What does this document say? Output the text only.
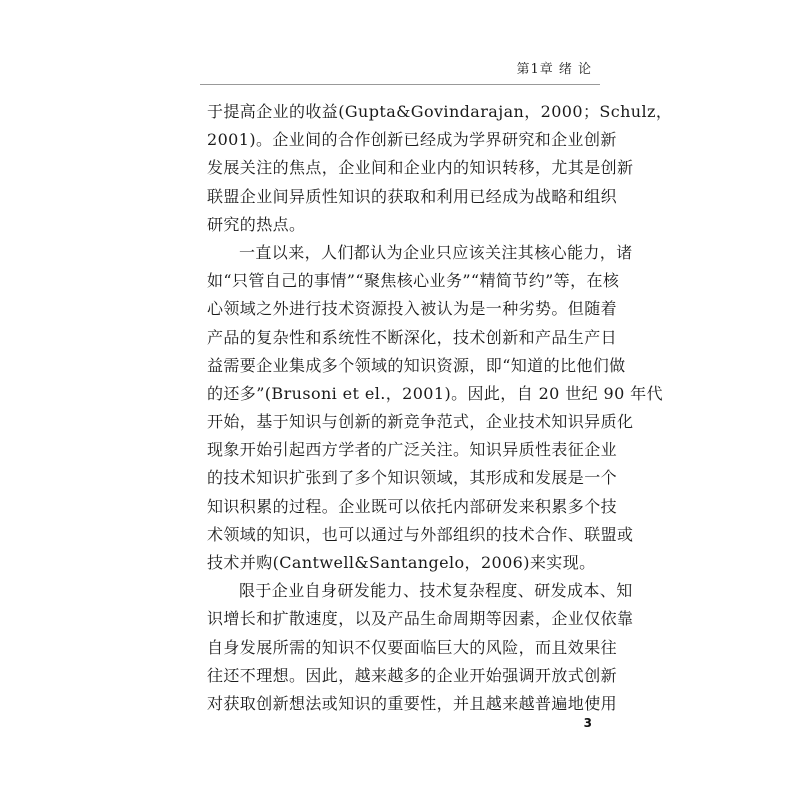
第1章 绪 论
于提高企业的收益(Gupta&Govindarajan，2000；Schulz，
2001)。企业间的合作创新已经成为学界研究和企业创新
发展关注的焦点，企业间和企业内的知识转移，尤其是创新
联盟企业间异质性知识的获取和利用已经成为战略和组织
研究的热点。
一直以来，人们都认为企业只应该关注其核心能力，诸
如“只管自己的事情”“聚焦核心业务”“精简节约”等，在核
心领域之外进行技术资源投入被认为是一种劣势。但随着
产品的复杂性和系统性不断深化，技术创新和产品生产日
益需要企业集成多个领域的知识资源，即“知道的比他们做
的还多”(Brusoni et el.，2001)。因此，自 20 世纪 90 年代
开始，基于知识与创新的新竞争范式，企业技术知识异质化
现象开始引起西方学者的广泛关注。知识异质性表征企业
的技术知识扩张到了多个知识领域，其形成和发展是一个
知识积累的过程。企业既可以依托内部研发来积累多个技
术领域的知识，也可以通过与外部组织的技术合作、联盟或
技术并购(Cantwell&Santangelo，2006)来实现。
限于企业自身研发能力、技术复杂程度、研发成本、知
识增长和扩散速度，以及产品生命周期等因素，企业仅依靠
自身发展所需的知识不仅要面临巨大的风险，而且效果往
往还不理想。因此，越来越多的企业开始强调开放式创新
对获取创新想法或知识的重要性，并且越来越普遍地使用
3
